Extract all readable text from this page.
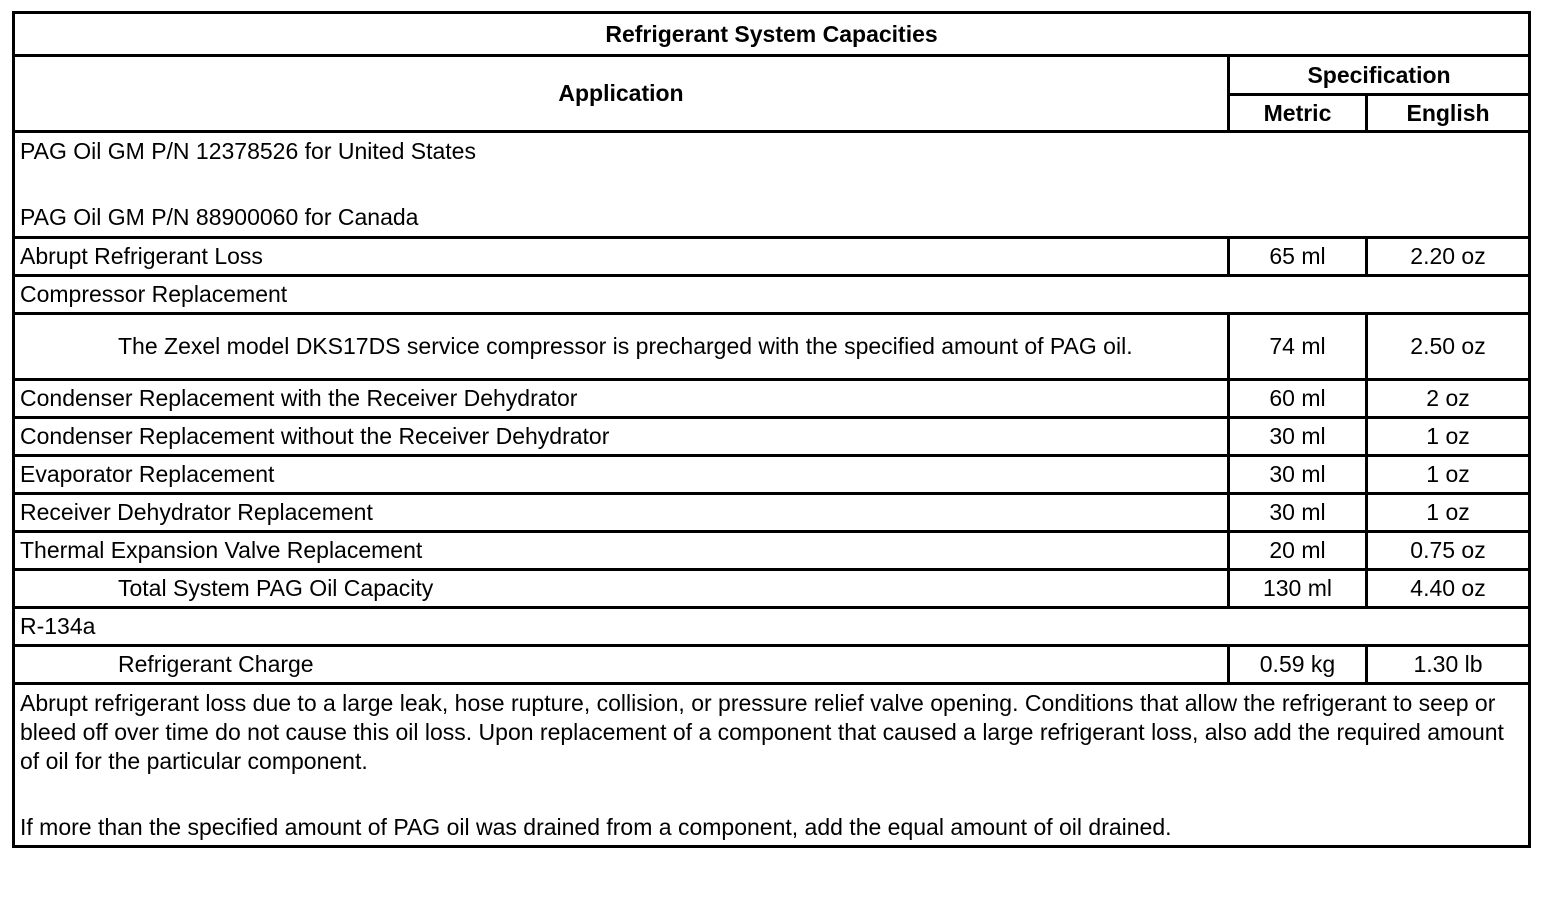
Refrigerant System Capacities		
Application	Specification	
	Metric	English

PAG Oil GM P/N 12378526 for United States
PAG Oil GM P/N 88900060 for Canada		

Abrupt Refrigerant Loss	65 ml	2.20 oz
Compressor Replacement		
The Zexel model DKS17DS service compressor is precharged with the specified amount of PAG oil.	74 ml	2.50 oz
Condenser Replacement with the Receiver Dehydrator	60 ml	2 oz
Condenser Replacement without the Receiver Dehydrator	30 ml	1 oz
Evaporator Replacement	30 ml	1 oz
Receiver Dehydrator Replacement	30 ml	1 oz
Thermal Expansion Valve Replacement	20 ml	0.75 oz
Total System PAG Oil Capacity	130 ml	4.40 oz
R-134a		
Refrigerant Charge	0.59 kg	1.30 lb

Abrupt refrigerant loss due to a large leak, hose rupture, collision, or pressure relief valve opening. Conditions that allow the refrigerant to seep or bleed off over time do not cause this oil loss. Upon replacement of a component that caused a large refrigerant loss, also add the required amount of oil for the particular component.
If more than the specified amount of PAG oil was drained from a component, add the equal amount of oil drained.		
